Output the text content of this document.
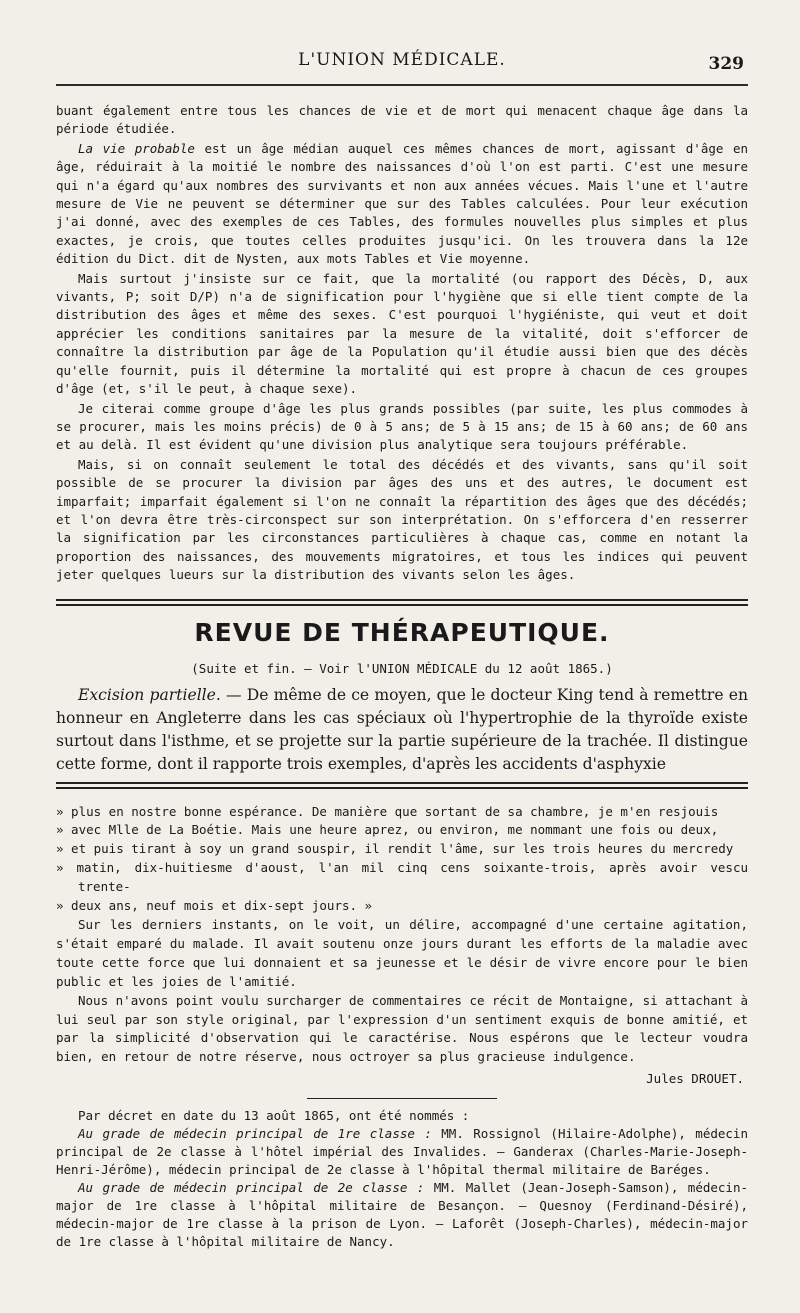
L'UNION MÉDICALE.	329

buant également entre tous les chances de vie et de mort qui menacent chaque âge dans la période étudiée.

La vie probable est un âge médian auquel ces mêmes chances de mort, agissant d'âge en âge, réduirait à la moitié le nombre des naissances d'où l'on est parti. C'est une mesure qui n'a égard qu'aux nombres des survivants et non aux années vécues. Mais l'une et l'autre mesure de Vie ne peuvent se déterminer que sur des Tables calculées. Pour leur exécution j'ai donné, avec des exemples de ces Tables, des formules nouvelles plus simples et plus exactes, je crois, que toutes celles produites jusqu'ici. On les trouvera dans la 12e édition du Dict. dit de Nysten, aux mots Tables et Vie moyenne.

Mais surtout j'insiste sur ce fait, que la mortalité (ou rapport des Décès, D, aux vivants, P; soit D/P) n'a de signification pour l'hygiène que si elle tient compte de la distribution des âges et même des sexes. C'est pourquoi l'hygiéniste, qui veut et doit apprécier les conditions sanitaires par la mesure de la vitalité, doit s'efforcer de connaître la distribution par âge de la Population qu'il étudie aussi bien que des décès qu'elle fournit, puis il détermine la mortalité qui est propre à chacun de ces groupes d'âge (et, s'il le peut, à chaque sexe).

Je citerai comme groupe d'âge les plus grands possibles (par suite, les plus commodes à se procurer, mais les moins précis) de 0 à 5 ans; de 5 à 15 ans; de 15 à 60 ans; de 60 ans et au delà. Il est évident qu'une division plus analytique sera toujours préférable.

Mais, si on connaît seulement le total des décédés et des vivants, sans qu'il soit possible de se procurer la division par âges des uns et des autres, le document est imparfait; imparfait également si l'on ne connaît la répartition des âges que des décédés; et l'on devra être très-circonspect sur son interprétation. On s'efforcera d'en resserrer la signification par les circonstances particulières à chaque cas, comme en notant la proportion des naissances, des mouvements migratoires, et tous les indices qui peuvent jeter quelques lueurs sur la distribution des vivants selon les âges.

REVUE DE THÉRAPEUTIQUE.
(Suite et fin. — Voir l'UNION MÉDICALE du 12 août 1865.)

Excision partielle. — De même de ce moyen, que le docteur King tend à remettre en honneur en Angleterre dans les cas spéciaux où l'hypertrophie de la thyroïde existe surtout dans l'isthme, et se projette sur la partie supérieure de la trachée. Il distingue cette forme, dont il rapporte trois exemples, d'après les accidents d'asphyxie

» plus en nostre bonne espérance. De manière que sortant de sa chambre, je m'en resjouis

» avec Mlle de La Boétie. Mais une heure aprez, ou environ, me nommant une fois ou deux,

» et puis tirant à soy un grand souspir, il rendit l'âme, sur les trois heures du mercredy

» matin, dix-huitiesme d'aoust, l'an mil cinq cens soixante-trois, après avoir vescu trente-

» deux ans, neuf mois et dix-sept jours. »

Sur les derniers instants, on le voit, un délire, accompagné d'une certaine agitation, s'était emparé du malade. Il avait soutenu onze jours durant les efforts de la maladie avec toute cette force que lui donnaient et sa jeunesse et le désir de vivre encore pour le bien public et les joies de l'amitié.

Nous n'avons point voulu surcharger de commentaires ce récit de Montaigne, si attachant à lui seul par son style original, par l'expression d'un sentiment exquis de bonne amitié, et par la simplicité d'observation qui le caractérise. Nous espérons que le lecteur voudra bien, en retour de notre réserve, nous octroyer sa plus gracieuse indulgence.

Jules DROUET.

Par décret en date du 13 août 1865, ont été nommés :

Au grade de médecin principal de 1re classe : MM. Rossignol (Hilaire-Adolphe), médecin principal de 2e classe à l'hôtel impérial des Invalides. — Ganderax (Charles-Marie-Joseph-Henri-Jérôme), médecin principal de 2e classe à l'hôpital thermal militaire de Baréges.

Au grade de médecin principal de 2e classe : MM. Mallet (Jean-Joseph-Samson), médecin-major de 1re classe à l'hôpital militaire de Besançon. — Quesnoy (Ferdinand-Désiré), médecin-major de 1re classe à la prison de Lyon. — Laforêt (Joseph-Charles), médecin-major de 1re classe à l'hôpital militaire de Nancy.
